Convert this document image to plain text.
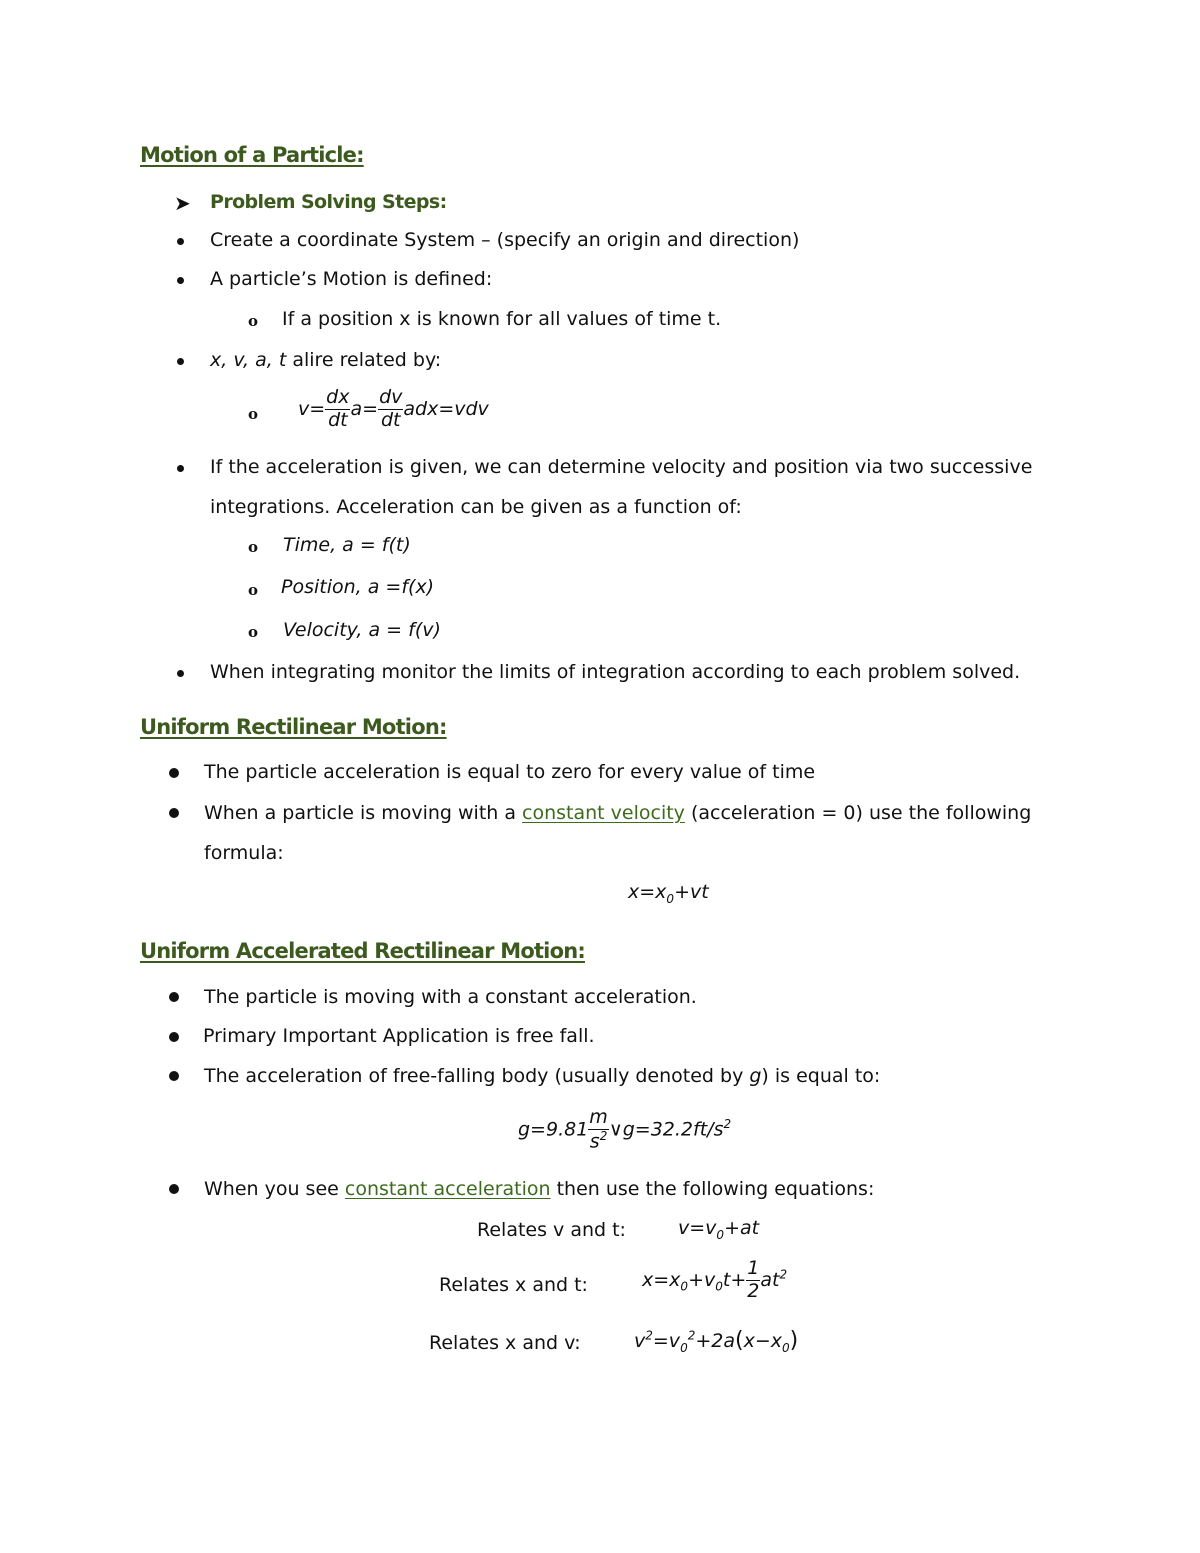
Motion of a Particle:
➤ Problem Solving Steps:
Create a coordinate System – (specify an origin and direction)
A particle’s Motion is defined:
o If a position x is known for all values of time t.
x, v, a, t alire related by:
o $v= \frac{dx}{dt} a= \frac{dv}{dt} adx=vdv$
If the acceleration is given, we can determine velocity and position via two successive
integrations. Acceleration can be given as a function of:
o Time, a = f(t)
o Position, a =f(x)
o Velocity, a = f(v)
When integrating monitor the limits of integration according to each problem solved.
Uniform Rectilinear Motion:
The particle acceleration is equal to zero for every value of time
When a particle is moving with a constant velocity (acceleration = 0) use the following
formula:
$x=x_0+vt$
Uniform Accelerated Rectilinear Motion:
The particle is moving with a constant acceleration.
Primary Important Application is free fall.
The acceleration of free-falling body (usually denoted by g) is equal to:
$g=9.81 \frac{m}{s^2}$ $\vee g=32.2ft/s^2$
When you see constant acceleration then use the following equations:
Relates v and t:	$v=v_0+at$
Relates x and t:	$x=x_0+v_0t+ \frac{1}{2} at^2$
Relates x and v:	$v^2=v_0^2+2a(x-x_0)$
